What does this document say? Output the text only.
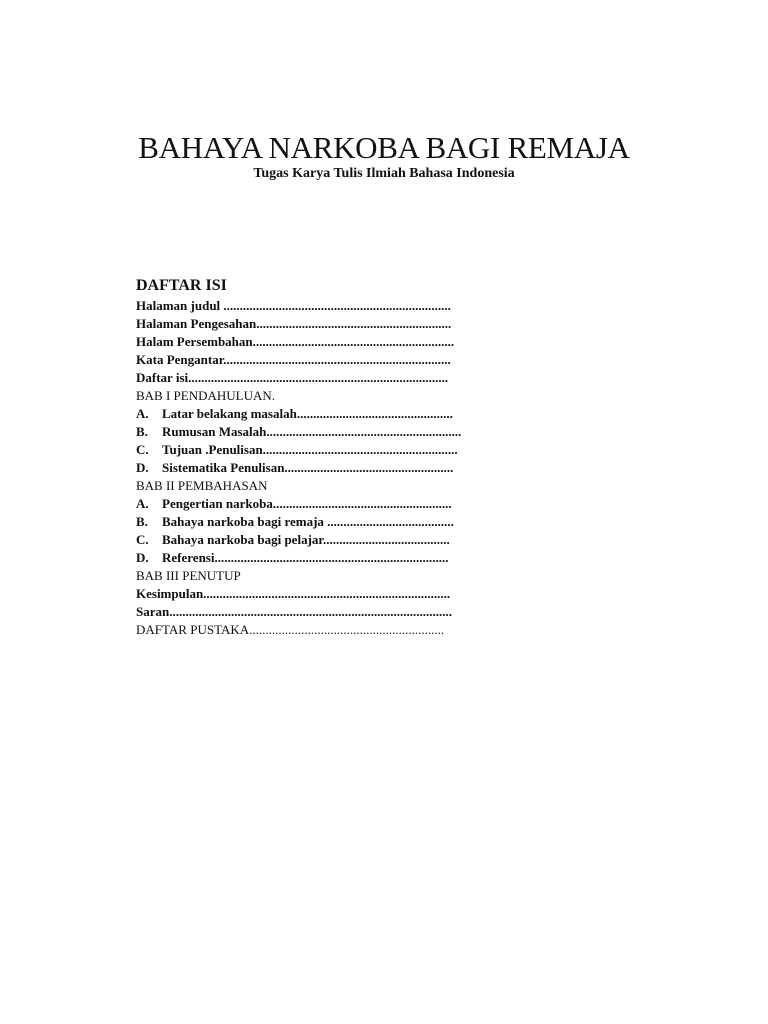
BAHAYA NARKOBA BAGI REMAJA

Tugas Karya Tulis Ilmiah Bahasa Indonesia

DAFTAR ISI
Halaman judul ......................................................................
Halaman Pengesahan............................................................
Halam Persembahan..............................................................
Kata Pengantar......................................................................
Daftar isi................................................................................
BAB I PENDAHULUAN.
A. Latar belakang masalah................................................
B. Rumusan Masalah............................................................
C. Tujuan .Penulisan............................................................
D. Sistematika Penulisan....................................................
BAB II PEMBAHASAN
A. Pengertian narkoba.......................................................
B. Bahaya narkoba bagi remaja .......................................
C. Bahaya narkoba bagi pelajar.......................................
D. Referensi........................................................................
BAB III PENUTUP
Kesimpulan............................................................................
Saran.......................................................................................
DAFTAR PUSTAKA............................................................
